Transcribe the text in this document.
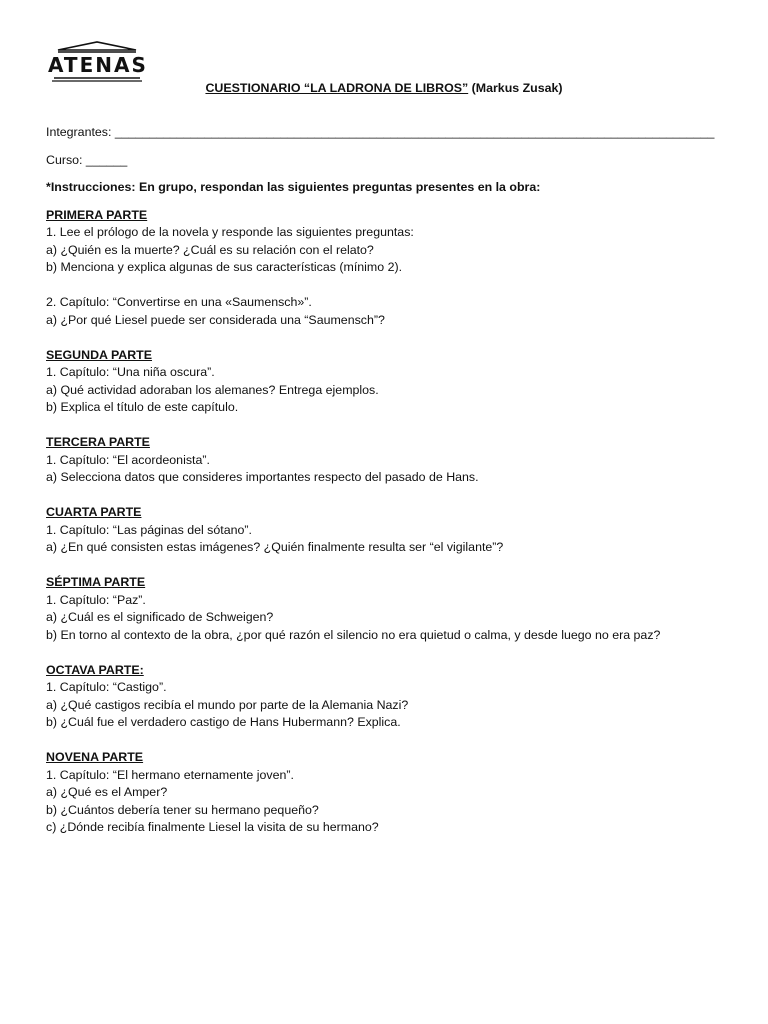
ATENAS
CUESTIONARIO “LA LADRONA DE LIBROS” (Markus Zusak)
Integrantes: _______________________________________________________________________________________
Curso: ______
*Instrucciones: En grupo, respondan las siguientes preguntas presentes en la obra:
PRIMERA PARTE
1. Lee el prólogo de la novela y responde las siguientes preguntas:
a) ¿Quién es la muerte? ¿Cuál es su relación con el relato?
b) Menciona y explica algunas de sus características (mínimo 2).
2. Capítulo: “Convertirse en una «Saumensch»”.
a) ¿Por qué Liesel puede ser considerada una “Saumensch”?
SEGUNDA PARTE
1. Capítulo: “Una niña oscura”.
a) Qué actividad adoraban los alemanes? Entrega ejemplos.
b) Explica el título de este capítulo.
TERCERA PARTE
1. Capítulo: “El acordeonista”.
a) Selecciona datos que consideres importantes respecto del pasado de Hans.
CUARTA PARTE
1. Capítulo: “Las páginas del sótano”.
a) ¿En qué consisten estas imágenes? ¿Quién finalmente resulta ser “el vigilante”?
SÉPTIMA PARTE
1. Capítulo: “Paz”.
a) ¿Cuál es el significado de Schweigen?
b) En torno al contexto de la obra, ¿por qué razón el silencio no era quietud o calma, y desde luego no era paz?
OCTAVA PARTE:
1. Capítulo: “Castigo”.
a) ¿Qué castigos recibía el mundo por parte de la Alemania Nazi?
b) ¿Cuál fue el verdadero castigo de Hans Hubermann? Explica.
NOVENA PARTE
1. Capítulo: “El hermano eternamente joven”.
a) ¿Qué es el Amper?
b) ¿Cuántos debería tener su hermano pequeño?
c) ¿Dónde recibía finalmente Liesel la visita de su hermano?
